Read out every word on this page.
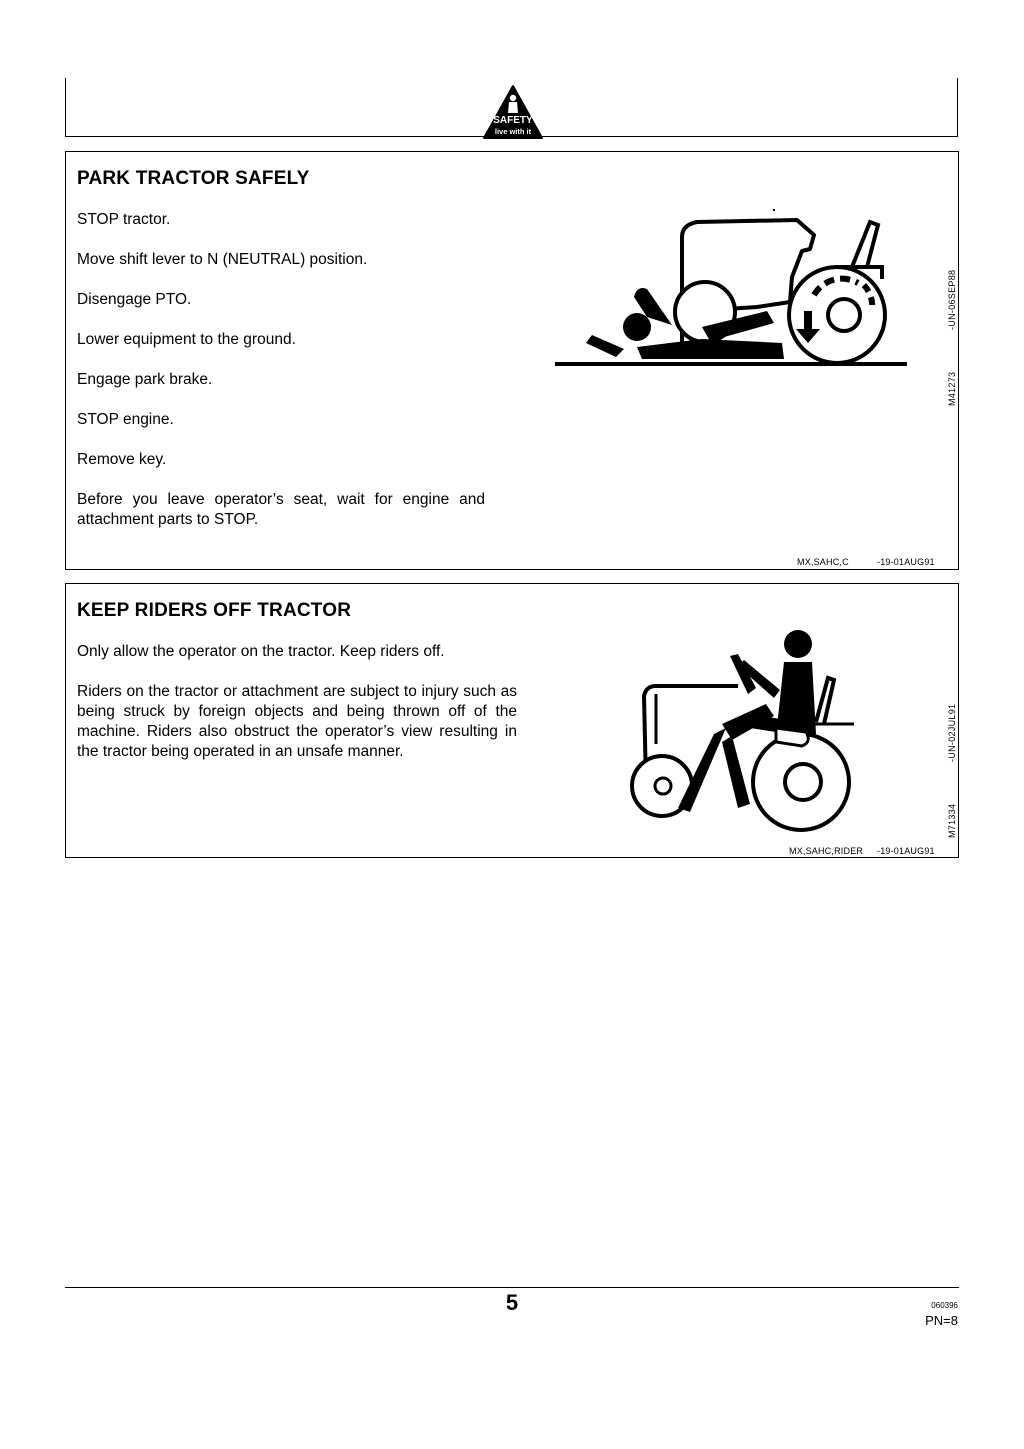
SAFETY
live with it
PARK TRACTOR SAFELY

STOP tractor.

Move shift lever to N (NEUTRAL) position.

Disengage PTO.

Lower equipment to the ground.

Engage park brake.

STOP engine.

Remove key.

Before you leave operator’s seat, wait for engine and attachment parts to STOP.

-UN-06SEP88
M41273
MX,SAHC,C	-19-01AUG91
KEEP RIDERS OFF TRACTOR

Only allow the operator on the tractor. Keep riders off.

Riders on the tractor or attachment are subject to injury such as being struck by foreign objects and being thrown off of the machine. Riders also obstruct the operator’s view resulting in the tractor being operated in an unsafe manner.	-UN-02JUL91
M71334
MX,SAHC,RIDER -19-01AUG91
5	060396
PN=8
